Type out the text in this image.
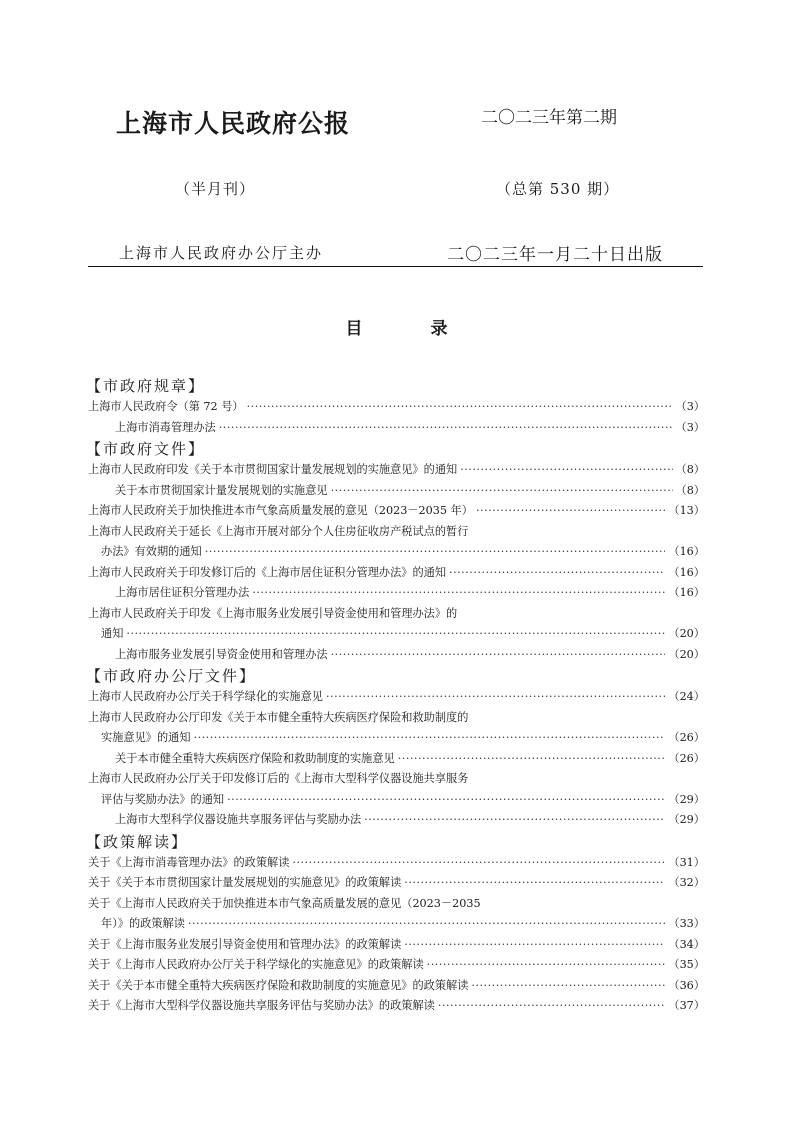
上海市人民政府公报	二〇二三年第二期
（半月刊）	（总第 530 期）
上海市人民政府办公厅主办	二〇二三年一月二十日出版
目	录
【市政府规章】
上海市人民政府令（第 72 号） ·····	（3）
上海市消毒管理办法 ·····	（3）
【市政府文件】
上海市人民政府印发《关于本市贯彻国家计量发展规划的实施意见》的通知 ·····	（8）
关于本市贯彻国家计量发展规划的实施意见 ·····	（8）
上海市人民政府关于加快推进本市气象高质量发展的意见（2023－2035 年） ·····	（13）
上海市人民政府关于延长《上海市开展对部分个人住房征收房产税试点的暂行
办法》有效期的通知 ·····	（16）
上海市人民政府关于印发修订后的《上海市居住证积分管理办法》的通知 ·····	（16）
上海市居住证积分管理办法 ·····	（16）
上海市人民政府关于印发《上海市服务业发展引导资金使用和管理办法》的
通知 ·····	（20）
上海市服务业发展引导资金使用和管理办法 ·····	（20）
【市政府办公厅文件】
上海市人民政府办公厅关于科学绿化的实施意见 ·····	（24）
上海市人民政府办公厅印发《关于本市健全重特大疾病医疗保险和救助制度的
实施意见》的通知 ·····	（26）
关于本市健全重特大疾病医疗保险和救助制度的实施意见 ·····	（26）
上海市人民政府办公厅关于印发修订后的《上海市大型科学仪器设施共享服务
评估与奖励办法》的通知 ·····	（29）
上海市大型科学仪器设施共享服务评估与奖励办法 ·····	（29）
【政策解读】
关于《上海市消毒管理办法》的政策解读 ·····	（31）
关于《关于本市贯彻国家计量发展规划的实施意见》的政策解读 ·····	（32）
关于《上海市人民政府关于加快推进本市气象高质量发展的意见（2023－2035
年）》的政策解读 ·····	（33）
关于《上海市服务业发展引导资金使用和管理办法》的政策解读 ·····	（34）
关于《上海市人民政府办公厅关于科学绿化的实施意见》的政策解读 ·····	（35）
关于《关于本市健全重特大疾病医疗保险和救助制度的实施意见》的政策解读 ·····	（36）
关于《上海市大型科学仪器设施共享服务评估与奖励办法》的政策解读 ·····	（37）
